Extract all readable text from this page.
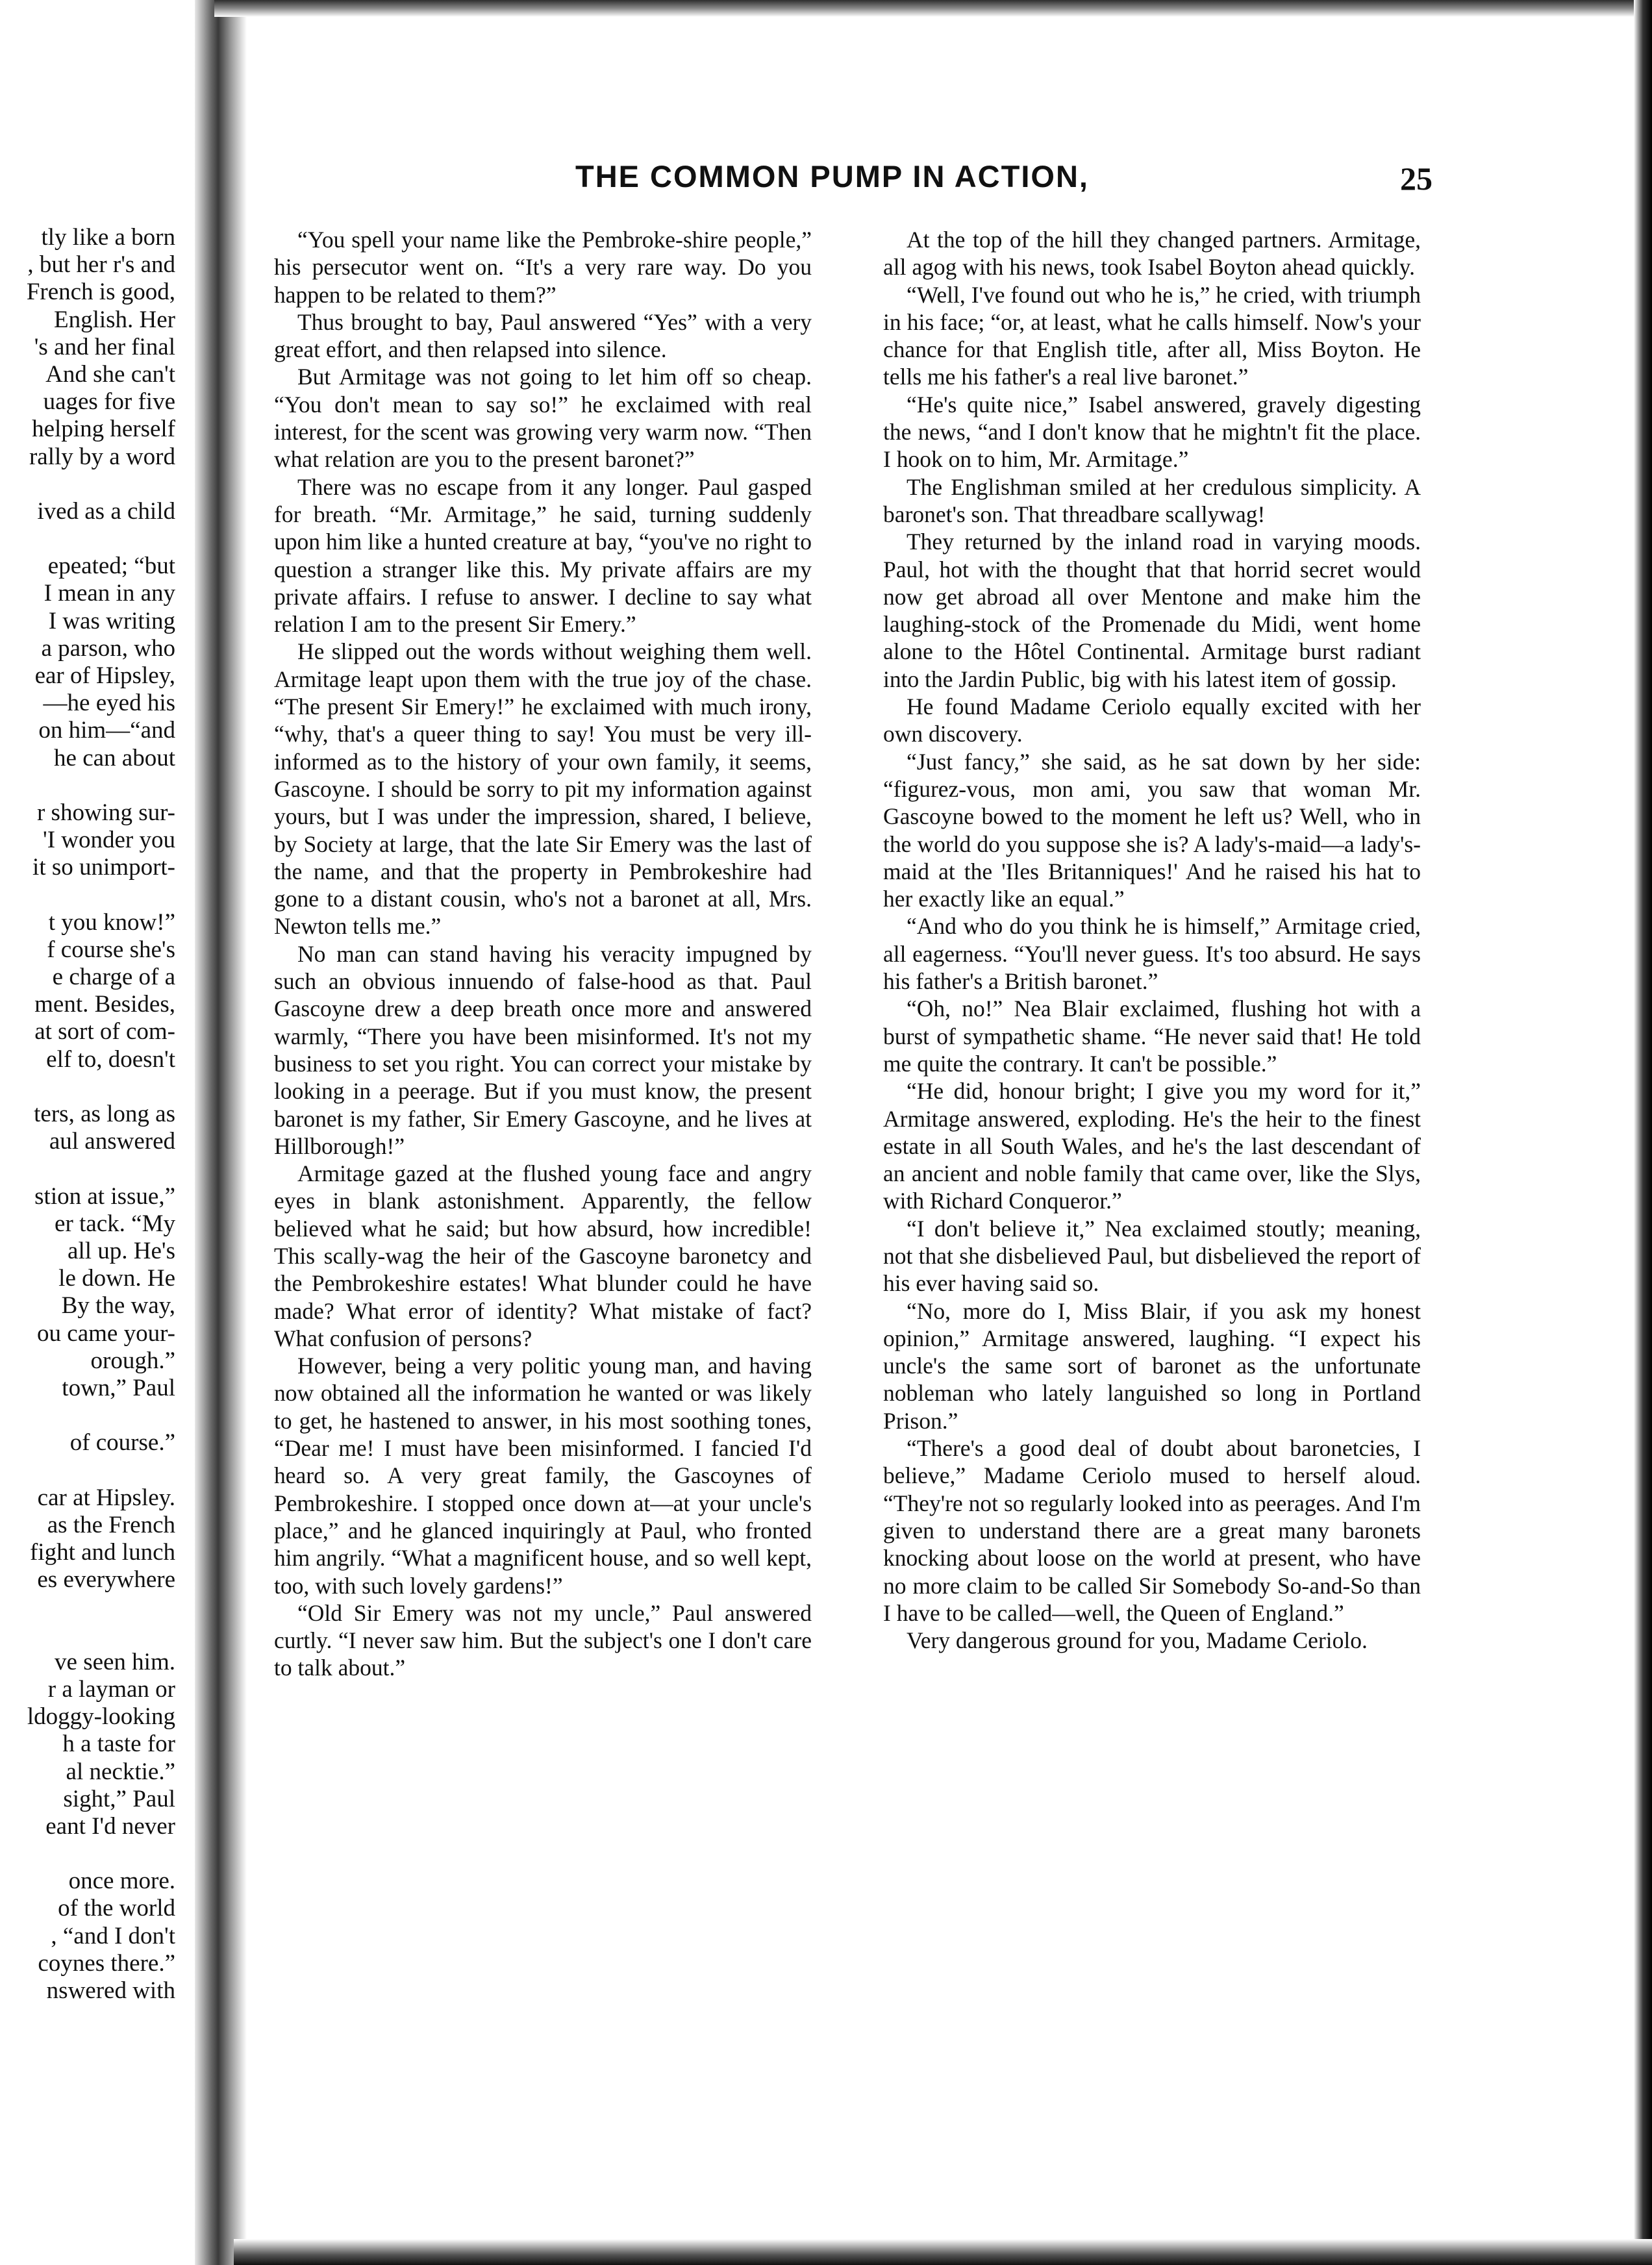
tly like a born
, but her r's and
French is good,
English. Her
's and her final
And she can't
uages for five
helping herself
rally by a word
ived as a child
epeated; “but
I mean in any
I was writing
a parson, who
ear of Hipsley,
—he eyed his
on him—“and
he can about
r showing sur-
'I wonder you
it so unimport-
t you know!”
f course she's
e charge of a
ment. Besides,
at sort of com-
elf to, doesn't
ters, as long as
aul answered
stion at issue,”
er tack. “My
all up. He's
le down. He
By the way,
ou came your-
orough.”
town,” Paul
of course.”
car at Hipsley.
as the French
fight and lunch
es everywhere
ve seen him.
r a layman or
ldoggy-looking
h a taste for
al necktie.”
sight,” Paul
eant I'd never
once more.
of the world
, “and I don't
coynes there.”
nswered with
THE COMMON PUMP IN ACTION,	25

“You spell your name like the Pembroke-shire people,” his persecutor went on. “It's a very rare way. Do you happen to be related to them?”

Thus brought to bay, Paul answered “Yes” with a very great effort, and then relapsed into silence.

But Armitage was not going to let him off so cheap. “You don't mean to say so!” he exclaimed with real interest, for the scent was growing very warm now. “Then what relation are you to the present baronet?”

There was no escape from it any longer. Paul gasped for breath. “Mr. Armitage,” he said, turning suddenly upon him like a hunted creature at bay, “you've no right to question a stranger like this. My private affairs are my private affairs. I refuse to answer. I decline to say what relation I am to the present Sir Emery.”

He slipped out the words without weighing them well. Armitage leapt upon them with the true joy of the chase. “The present Sir Emery!” he exclaimed with much irony, “why, that's a queer thing to say! You must be very ill-informed as to the history of your own family, it seems, Gascoyne. I should be sorry to pit my information against yours, but I was under the impression, shared, I believe, by Society at large, that the late Sir Emery was the last of the name, and that the property in Pembrokeshire had gone to a distant cousin, who's not a baronet at all, Mrs. Newton tells me.”

No man can stand having his veracity impugned by such an obvious innuendo of false-hood as that. Paul Gascoyne drew a deep breath once more and answered warmly, “There you have been misinformed. It's not my business to set you right. You can correct your mistake by looking in a peerage. But if you must know, the present baronet is my father, Sir Emery Gascoyne, and he lives at Hillborough!”

Armitage gazed at the flushed young face and angry eyes in blank astonishment. Apparently, the fellow believed what he said; but how absurd, how incredible! This scally-wag the heir of the Gascoyne baronetcy and the Pembrokeshire estates! What blunder could he have made? What error of identity? What mistake of fact? What confusion of persons?

However, being a very politic young man, and having now obtained all the information he wanted or was likely to get, he hastened to answer, in his most soothing tones, “Dear me! I must have been misinformed. I fancied I'd heard so. A very great family, the Gascoynes of Pembrokeshire. I stopped once down at—at your uncle's place,” and he glanced inquiringly at Paul, who fronted him angrily. “What a magnificent house, and so well kept, too, with such lovely gardens!”

“Old Sir Emery was not my uncle,” Paul answered curtly. “I never saw him. But the subject's one I don't care to talk about.”

At the top of the hill they changed partners. Armitage, all agog with his news, took Isabel Boyton ahead quickly.

“Well, I've found out who he is,” he cried, with triumph in his face; “or, at least, what he calls himself. Now's your chance for that English title, after all, Miss Boyton. He tells me his father's a real live baronet.”

“He's quite nice,” Isabel answered, gravely digesting the news, “and I don't know that he mightn't fit the place. I hook on to him, Mr. Armitage.”

The Englishman smiled at her credulous simplicity. A baronet's son. That threadbare scallywag!

They returned by the inland road in varying moods. Paul, hot with the thought that that horrid secret would now get abroad all over Mentone and make him the laughing-stock of the Promenade du Midi, went home alone to the Hôtel Continental. Armitage burst radiant into the Jardin Public, big with his latest item of gossip.

He found Madame Ceriolo equally excited with her own discovery.

“Just fancy,” she said, as he sat down by her side: “figurez-vous, mon ami, you saw that woman Mr. Gascoyne bowed to the moment he left us? Well, who in the world do you suppose she is? A lady's-maid—a lady's-maid at the 'Iles Britanniques!' And he raised his hat to her exactly like an equal.”

“And who do you think he is himself,” Armitage cried, all eagerness. “You'll never guess. It's too absurd. He says his father's a British baronet.”

“Oh, no!” Nea Blair exclaimed, flushing hot with a burst of sympathetic shame. “He never said that! He told me quite the contrary. It can't be possible.”

“He did, honour bright; I give you my word for it,” Armitage answered, exploding. He's the heir to the finest estate in all South Wales, and he's the last descendant of an ancient and noble family that came over, like the Slys, with Richard Conqueror.”

“I don't believe it,” Nea exclaimed stoutly; meaning, not that she disbelieved Paul, but disbelieved the report of his ever having said so.

“No, more do I, Miss Blair, if you ask my honest opinion,” Armitage answered, laughing. “I expect his uncle's the same sort of baronet as the unfortunate nobleman who lately languished so long in Portland Prison.”

“There's a good deal of doubt about baronetcies, I believe,” Madame Ceriolo mused to herself aloud. “They're not so regularly looked into as peerages. And I'm given to understand there are a great many baronets knocking about loose on the world at present, who have no more claim to be called Sir Somebody So-and-So than I have to be called—well, the Queen of England.”

Very dangerous ground for you, Madame Ceriolo.
